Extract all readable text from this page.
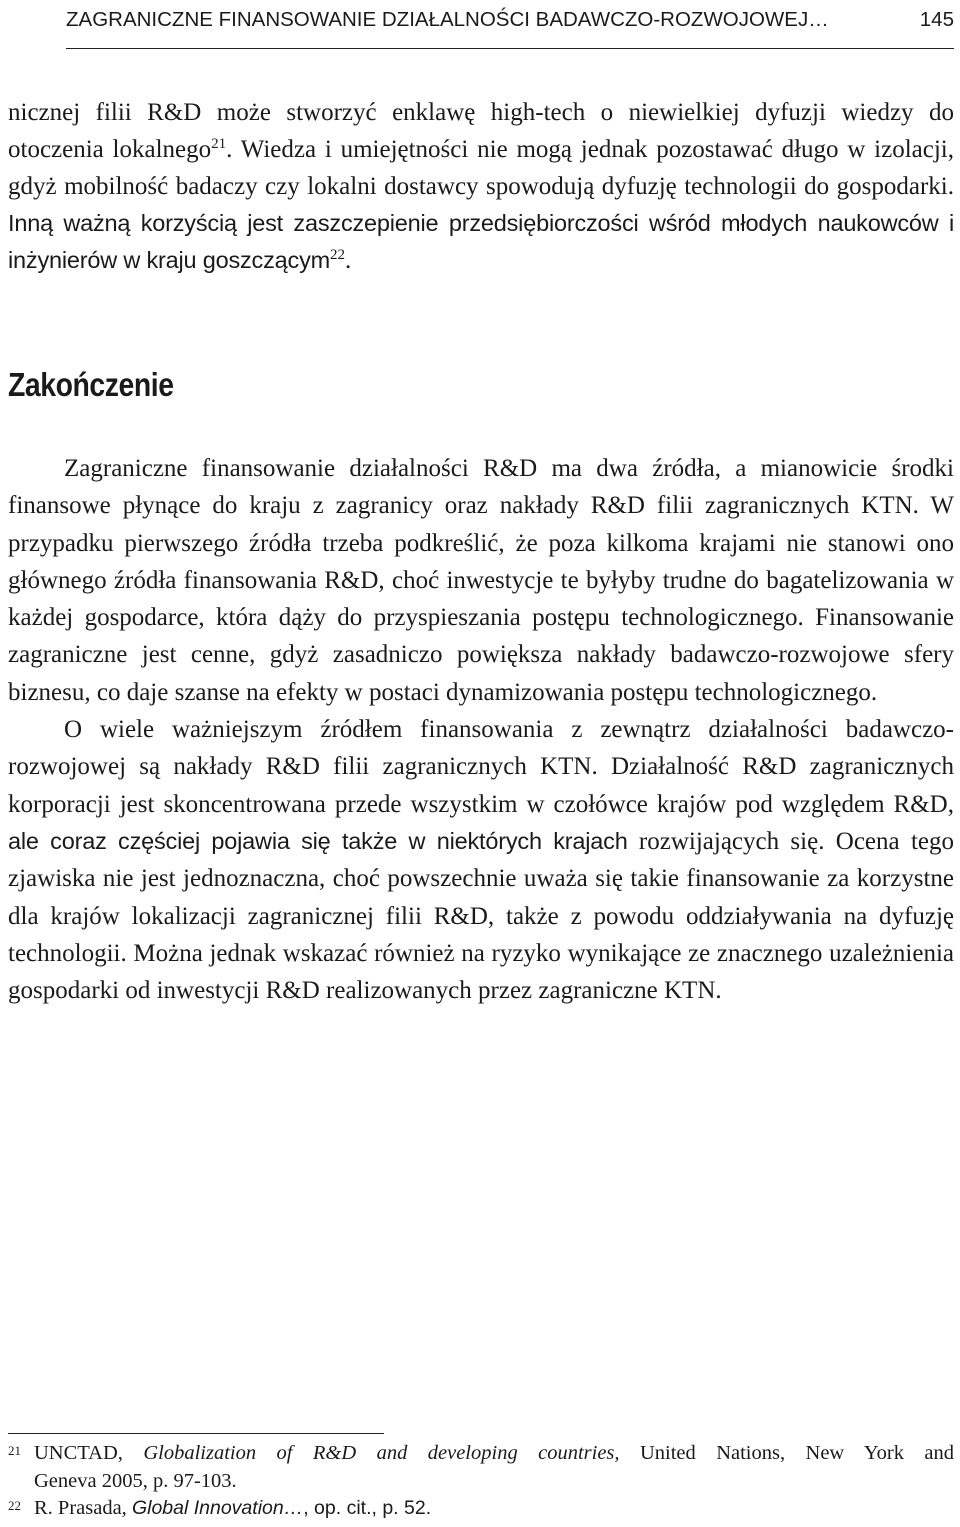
ZAGRANICZNE FINANSOWANIE DZIAŁALNOŚCI BADAWCZO-ROZWOJOWEJ…	145

nicznej filii R&D może stworzyć enklawę high-tech o niewielkiej dyfuzji wiedzy do otoczenia lokalnego$^{21}$. Wiedza i umiejętności nie mogą jednak pozostawać długo w izolacji, gdyż mobilność badaczy czy lokalni dostawcy spowodują dyfuzję technologii do gospodarki. Inną ważną korzyścią jest zaszczepienie przedsiębiorczości wśród młodych naukowców i inżynierów w kraju goszczącym$^{22}$.

Zakończenie

Zagraniczne finansowanie działalności R&D ma dwa źródła, a mianowicie środki finansowe płynące do kraju z zagranicy oraz nakłady R&D filii zagranicznych KTN. W przypadku pierwszego źródła trzeba podkreślić, że poza kilkoma krajami nie stanowi ono głównego źródła finansowania R&D, choć inwestycje te byłyby trudne do bagatelizowania w każdej gospodarce, która dąży do przyspieszania postępu technologicznego. Finansowanie zagraniczne jest cenne, gdyż zasadniczo powiększa nakłady badawczo-rozwojowe sfery biznesu, co daje szanse na efekty w postaci dynamizowania postępu technologicznego.

O wiele ważniejszym źródłem finansowania z zewnątrz działalności badawczo-rozwojowej są nakłady R&D filii zagranicznych KTN. Działalność R&D zagranicznych korporacji jest skoncentrowana przede wszystkim w czołówce krajów pod względem R&D, ale coraz częściej pojawia się także w niektórych krajach rozwijających się. Ocena tego zjawiska nie jest jednoznaczna, choć powszechnie uważa się takie finansowanie za korzystne dla krajów lokalizacji zagranicznej filii R&D, także z powodu oddziaływania na dyfuzję technologii. Można jednak wskazać również na ryzyko wynikające ze znacznego uzależnienia gospodarki od inwestycji R&D realizowanych przez zagraniczne KTN.

21 UNCTAD, Globalization of R&D and developing countries, United Nations, New York and

Geneva 2005, p. 97-103.

22 R. Prasada, Global Innovation…, op. cit., p. 52.
